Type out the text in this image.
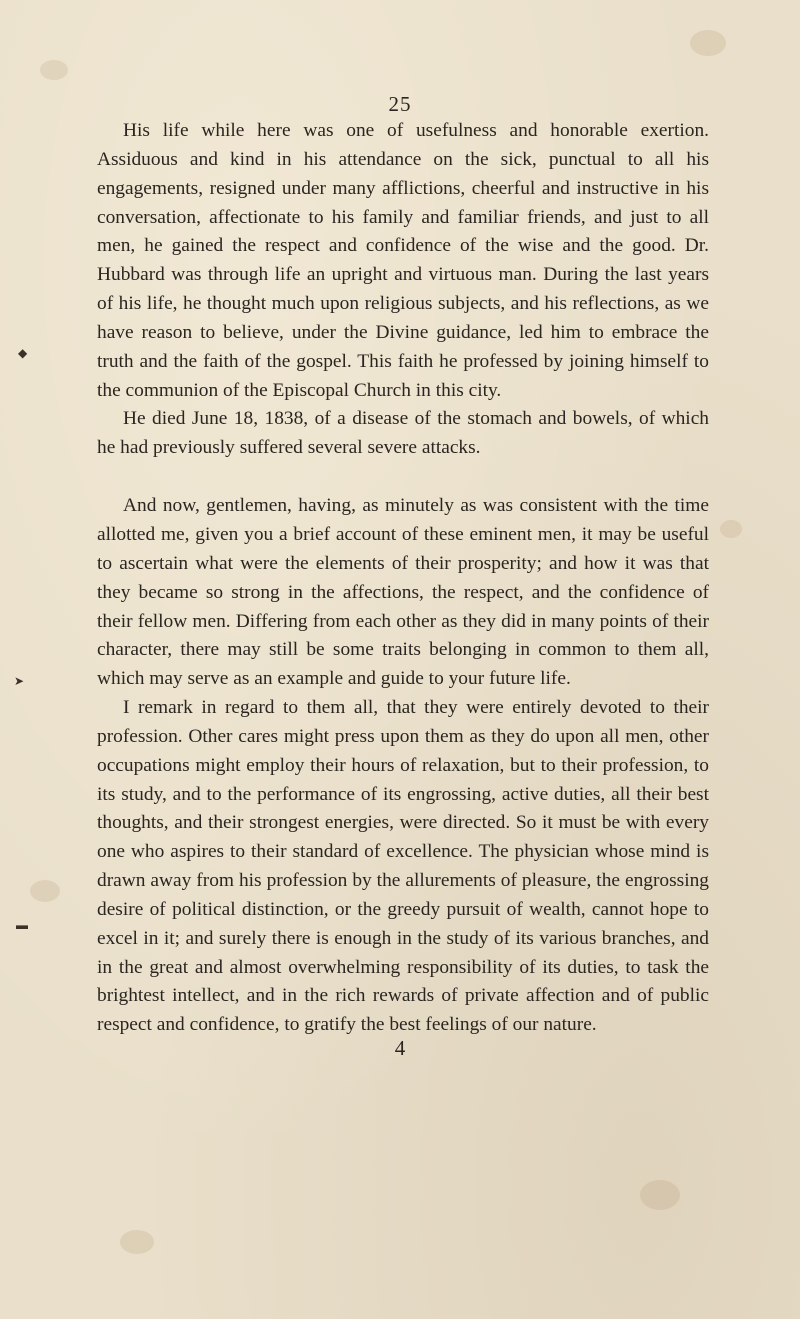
◆
➤
▬
25

His life while here was one of usefulness and honorable exertion. Assiduous and kind in his attendance on the sick, punctual to all his engagements, resigned under many afflictions, cheerful and instructive in his conversation, affectionate to his family and familiar friends, and just to all men, he gained the respect and confidence of the wise and the good. Dr. Hubbard was through life an upright and virtuous man. During the last years of his life, he thought much upon religious subjects, and his reflections, as we have reason to believe, under the Divine guidance, led him to embrace the truth and the faith of the gospel. This faith he professed by joining himself to the communion of the Episcopal Church in this city.

He died June 18, 1838, of a disease of the stomach and bowels, of which he had previously suffered several severe attacks.

And now, gentlemen, having, as minutely as was consistent with the time allotted me, given you a brief account of these eminent men, it may be useful to ascertain what were the elements of their prosperity; and how it was that they became so strong in the affections, the respect, and the confidence of their fellow men. Differing from each other as they did in many points of their character, there may still be some traits belonging in common to them all, which may serve as an example and guide to your future life.

I remark in regard to them all, that they were entirely devoted to their profession. Other cares might press upon them as they do upon all men, other occupations might employ their hours of relaxation, but to their profession, to its study, and to the performance of its engrossing, active duties, all their best thoughts, and their strongest energies, were directed. So it must be with every one who aspires to their standard of excellence. The physician whose mind is drawn away from his profession by the allurements of pleasure, the engrossing desire of political distinction, or the greedy pursuit of wealth, cannot hope to excel in it; and surely there is enough in the study of its various branches, and in the great and almost overwhelming responsibility of its duties, to task the brightest intellect, and in the rich rewards of private affection and of public respect and confidence, to gratify the best feelings of our nature.

4
